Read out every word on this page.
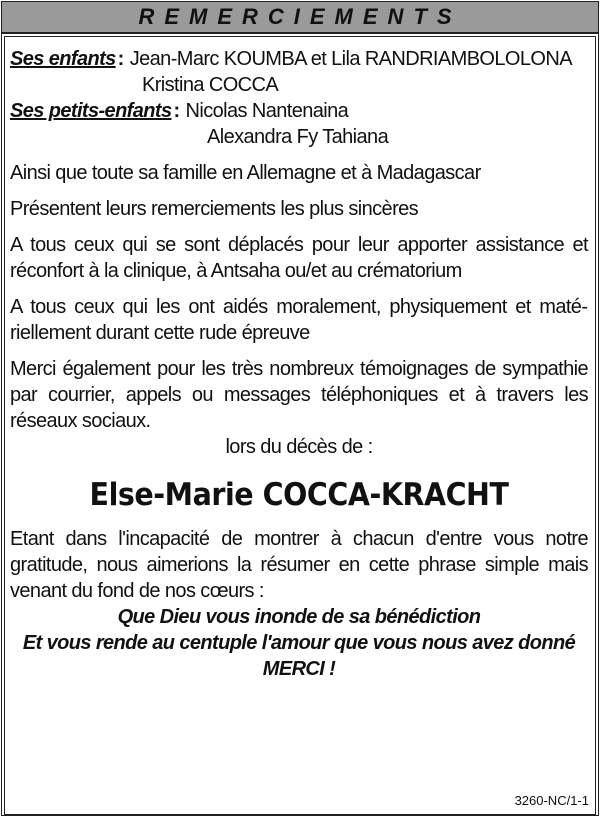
REMERCIEMENTS
Ses enfants : Jean-Marc KOUMBA et Lila RANDRIAMBOLOLONA
Kristina COCCA
Ses petits-enfants : Nicolas Nantenaina
Alexandra Fy Tahiana
Ainsi que toute sa famille en Allemagne et à Madagascar
Présentent leurs remerciements les plus sincères
A tous ceux qui se sont déplacés pour leur apporter assistance et réconfort à la clinique, à Antsaha ou/et au crématorium
A tous ceux qui les ont aidés moralement, physiquement et matériellement durant cette rude épreuve
Merci également pour les très nombreux témoignages de sympathie par courrier, appels ou messages téléphoniques et à travers les réseaux sociaux.
lors du décès de :
Else-Marie COCCA-KRACHT
Etant dans l'incapacité de montrer à chacun d'entre vous notre gratitude, nous aimerions la résumer en cette phrase simple mais venant du fond de nos cœurs :
Que Dieu vous inonde de sa bénédiction
Et vous rende au centuple l'amour que vous nous avez donné
MERCI !
3260-NC/1-1
